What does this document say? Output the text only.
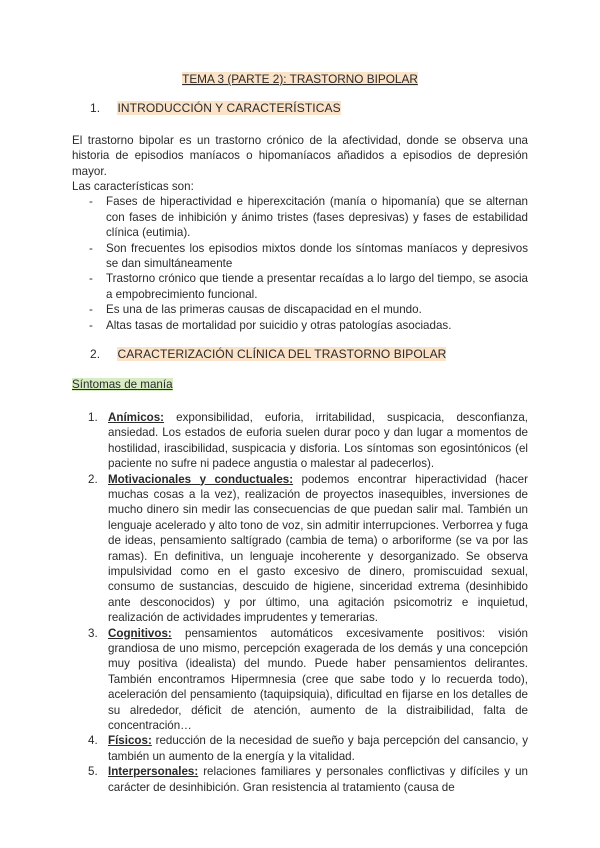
TEMA 3 (PARTE 2): TRASTORNO BIPOLAR
1. INTRODUCCIÓN Y CARACTERÍSTICAS

El trastorno bipolar es un trastorno crónico de la afectividad, donde se observa una historia de episodios maníacos o hipomaníacos añadidos a episodios de depresión mayor.

Las características son:

- Fases de hiperactividad e hiperexcitación (manía o hipomanía) que se alternan con fases de inhibición y ánimo tristes (fases depresivas) y fases de estabilidad clínica (eutimia).
- Son frecuentes los episodios mixtos donde los síntomas maníacos y depresivos se dan simultáneamente
- Trastorno crónico que tiende a presentar recaídas a lo largo del tiempo, se asocia a empobrecimiento funcional.
- Es una de las primeras causas de discapacidad en el mundo.
- Altas tasas de mortalidad por suicidio y otras patologías asociadas.
2. CARACTERIZACIÓN CLÍNICA DEL TRASTORNO BIPOLAR
Síntomas de manía
1. Anímicos: exponsibilidad, euforia, irritabilidad, suspicacia, desconfianza, ansiedad. Los estados de euforia suelen durar poco y dan lugar a momentos de hostilidad, irascibilidad, suspicacia y disforia. Los síntomas son egosintónicos (el paciente no sufre ni padece angustia o malestar al padecerlos).
2. Motivacionales y conductuales: podemos encontrar hiperactividad (hacer muchas cosas a la vez), realización de proyectos inasequibles, inversiones de mucho dinero sin medir las consecuencias de que puedan salir mal. También un lenguaje acelerado y alto tono de voz, sin admitir interrupciones. Verborrea y fuga de ideas, pensamiento saltígrado (cambia de tema) o arboriforme (se va por las ramas). En definitiva, un lenguaje incoherente y desorganizado. Se observa impulsividad como en el gasto excesivo de dinero, promiscuidad sexual, consumo de sustancias, descuido de higiene, sinceridad extrema (desinhibido ante desconocidos) y por último, una agitación psicomotriz e inquietud, realización de actividades imprudentes y temerarias.
3. Cognitivos: pensamientos automáticos excesivamente positivos: visión grandiosa de uno mismo, percepción exagerada de los demás y una concepción muy positiva (idealista) del mundo. Puede haber pensamientos delirantes. También encontramos Hipermnesia (cree que sabe todo y lo recuerda todo), aceleración del pensamiento (taquipsiquia), dificultad en fijarse en los detalles de su alrededor, déficit de atención, aumento de la distraibilidad, falta de concentración…
4. Físicos: reducción de la necesidad de sueño y baja percepción del cansancio, y también un aumento de la energía y la vitalidad.
5. Interpersonales: relaciones familiares y personales conflictivas y difíciles y un carácter de desinhibición. Gran resistencia al tratamiento (causa de
